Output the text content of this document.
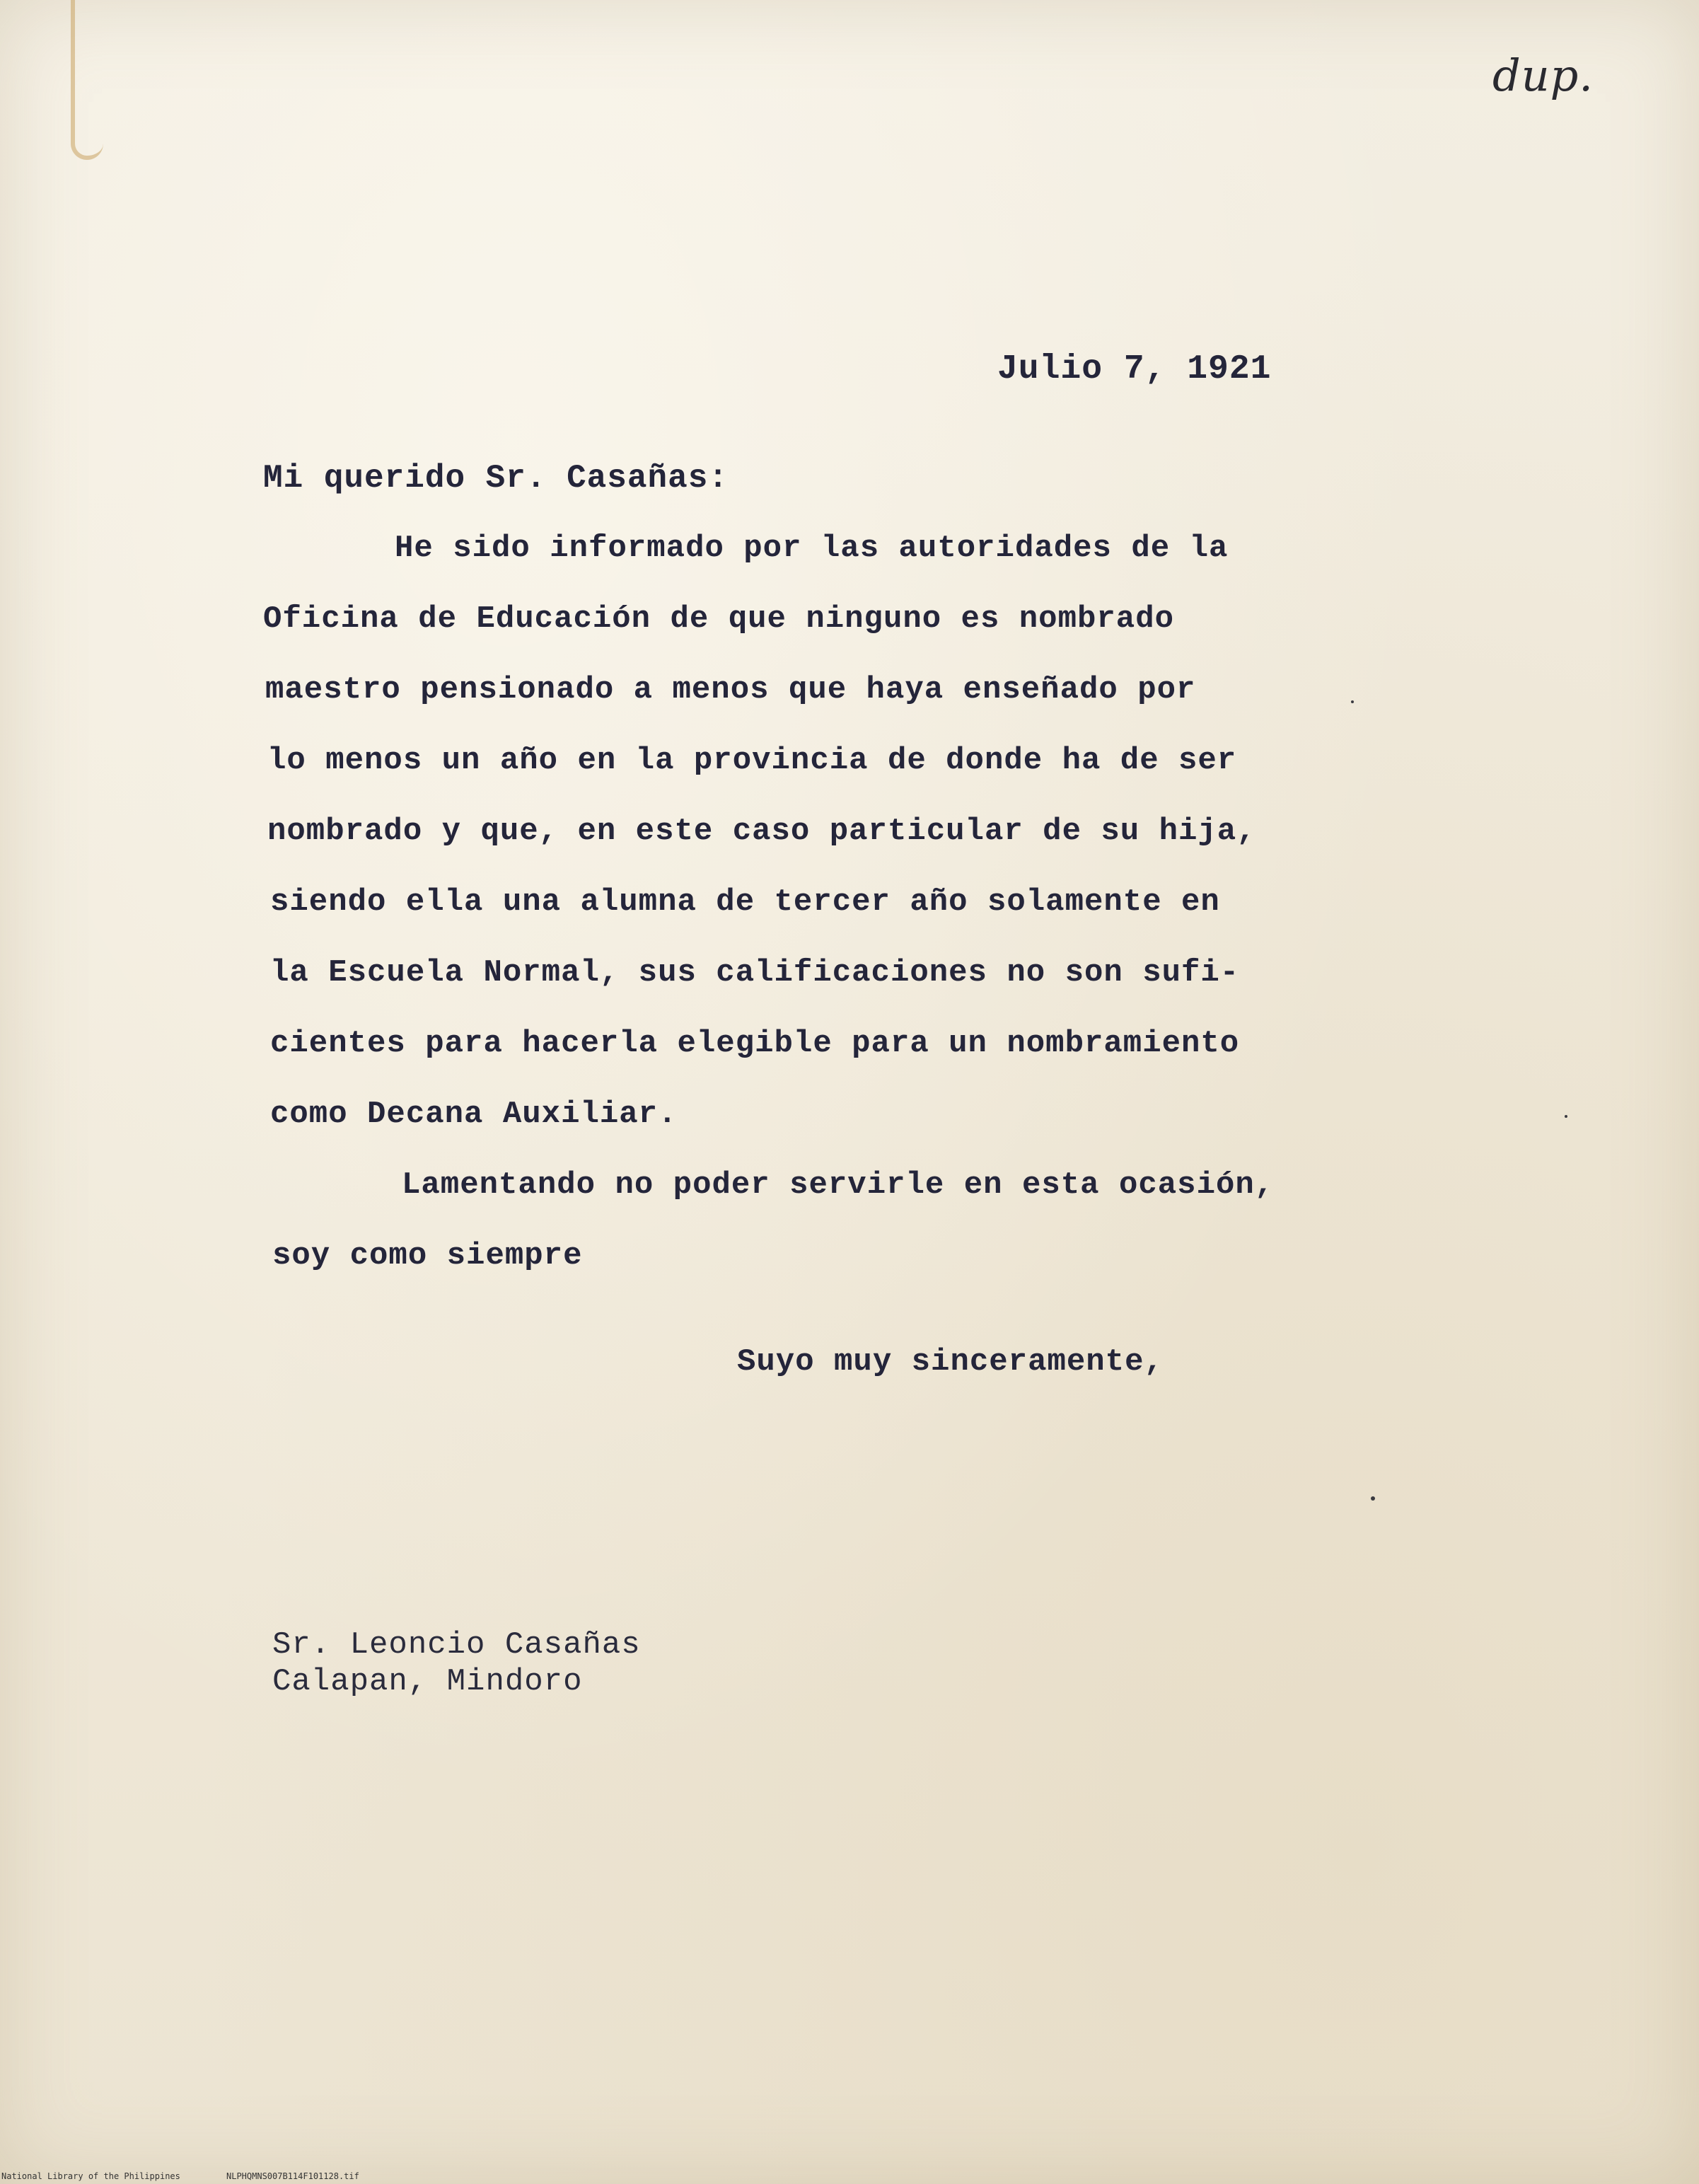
dup.
Julio 7, 1921
Mi querido Sr. Casañas:
He sido informado por las autoridades de la
Oficina de Educación de que ninguno es nombrado
maestro pensionado a menos que haya enseñado por
lo menos un año en la provincia de donde ha de ser
nombrado y que, en este caso particular de su hija,
siendo ella una alumna de tercer año solamente en
la Escuela Normal, sus calificaciones no son sufi-
cientes para hacerla elegible para un nombramiento
como Decana Auxiliar.
Lamentando no poder servirle en esta ocasión,
soy como siempre
Suyo muy sinceramente,
Sr. Leoncio Casañas
Calapan, Mindoro
National Library of the Philippines	NLPHQMNS007B114F101128.tif
